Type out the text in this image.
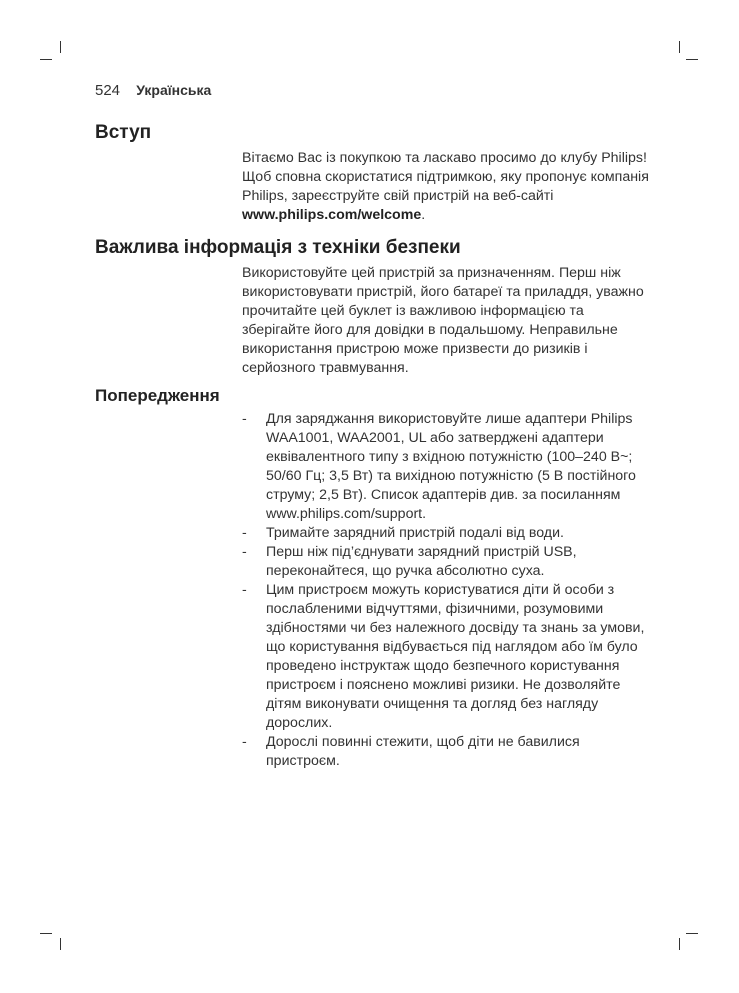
524 Українська
Вступ

Вітаємо Вас із покупкою та ласкаво просимо до клубу Philips! Щоб сповна скористатися підтримкою, яку пропонує компанія Philips, зареєструйте свій пристрій на веб-сайті www.philips.com/welcome.

Важлива інформація з техніки безпеки

Використовуйте цей пристрій за призначенням. Перш ніж використовувати пристрій, його батареї та приладдя, уважно прочитайте цей буклет із важливою інформацією та зберігайте його для довідки в подальшому. Неправильне використання пристрою може призвести до ризиків і серйозного травмування.

Попередження
- Для заряджання використовуйте лише адаптери Philips WAA1001, WAA2001, UL або затверджені адаптери еквівалентного типу з вхідною потужністю (100–240 В~; 50/60 Гц; 3,5 Вт) та вихідною потужністю (5 В постійного струму; 2,5 Вт). Список адаптерів див. за посиланням www.philips.com/support.
- Тримайте зарядний пристрій подалі від води.
- Перш ніж під’єднувати зарядний пристрій USB, переконайтеся, що ручка абсолютно суха.
- Цим пристроєм можуть користуватися діти й особи з послабленими відчуттями, фізичними, розумовими здібностями чи без належного досвіду та знань за умови, що користування відбувається під наглядом або їм було проведено інструктаж щодо безпечного користування пристроєм і пояснено можливі ризики. Не дозволяйте дітям виконувати очищення та догляд без нагляду дорослих.
- Дорослі повинні стежити, щоб діти не бавилися пристроєм.
